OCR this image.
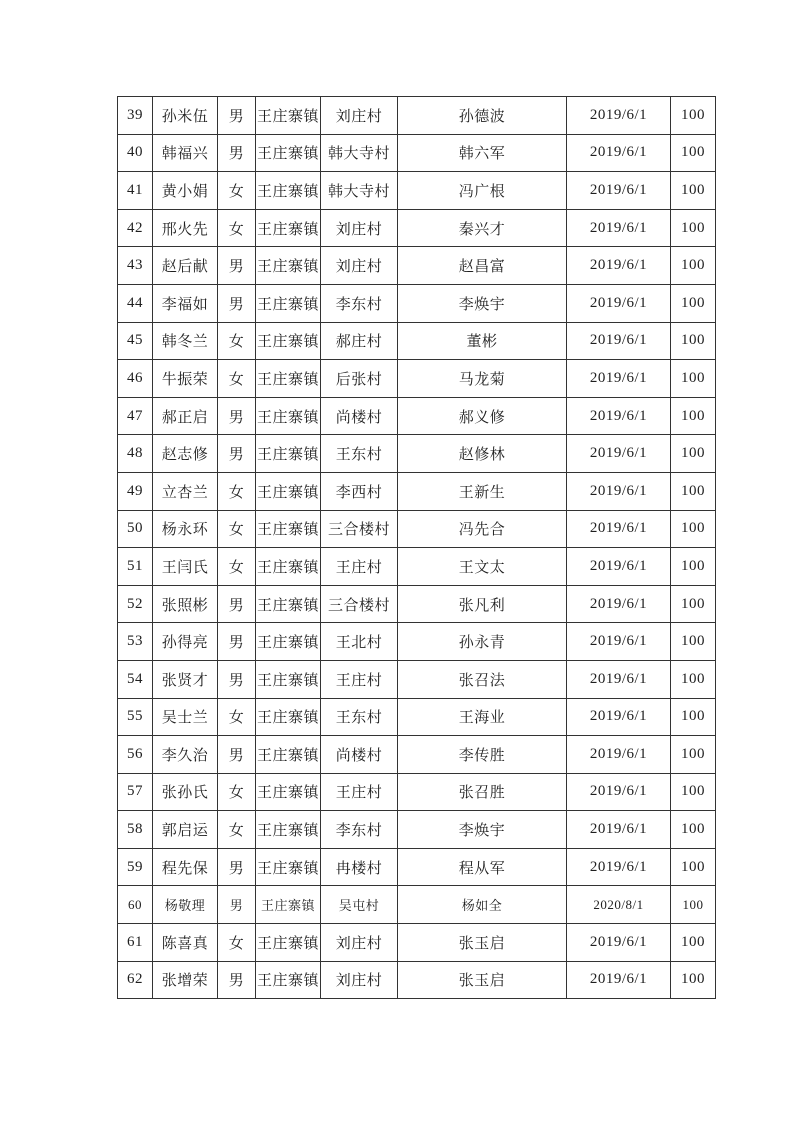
39	孙米伍	男	王庄寨镇	刘庄村	孙德波	2019/6/1	100
40	韩福兴	男	王庄寨镇	韩大寺村	韩六军	2019/6/1	100
41	黄小娟	女	王庄寨镇	韩大寺村	冯广根	2019/6/1	100
42	邢火先	女	王庄寨镇	刘庄村	秦兴才	2019/6/1	100
43	赵后献	男	王庄寨镇	刘庄村	赵昌富	2019/6/1	100
44	李福如	男	王庄寨镇	李东村	李焕宇	2019/6/1	100
45	韩冬兰	女	王庄寨镇	郝庄村	董彬	2019/6/1	100
46	牛振荣	女	王庄寨镇	后张村	马龙菊	2019/6/1	100
47	郝正启	男	王庄寨镇	尚楼村	郝义修	2019/6/1	100
48	赵志修	男	王庄寨镇	王东村	赵修林	2019/6/1	100
49	立杏兰	女	王庄寨镇	李西村	王新生	2019/6/1	100
50	杨永环	女	王庄寨镇	三合楼村	冯先合	2019/6/1	100
51	王闫氏	女	王庄寨镇	王庄村	王文太	2019/6/1	100
52	张照彬	男	王庄寨镇	三合楼村	张凡利	2019/6/1	100
53	孙得亮	男	王庄寨镇	王北村	孙永青	2019/6/1	100
54	张贤才	男	王庄寨镇	王庄村	张召法	2019/6/1	100
55	吴士兰	女	王庄寨镇	王东村	王海业	2019/6/1	100
56	李久治	男	王庄寨镇	尚楼村	李传胜	2019/6/1	100
57	张孙氏	女	王庄寨镇	王庄村	张召胜	2019/6/1	100
58	郭启运	女	王庄寨镇	李东村	李焕宇	2019/6/1	100
59	程先保	男	王庄寨镇	冉楼村	程从军	2019/6/1	100
60	杨敬理	男	王庄寨镇	吴屯村	杨如全	2020/8/1	100
61	陈喜真	女	王庄寨镇	刘庄村	张玉启	2019/6/1	100
62	张增荣	男	王庄寨镇	刘庄村	张玉启	2019/6/1	100
